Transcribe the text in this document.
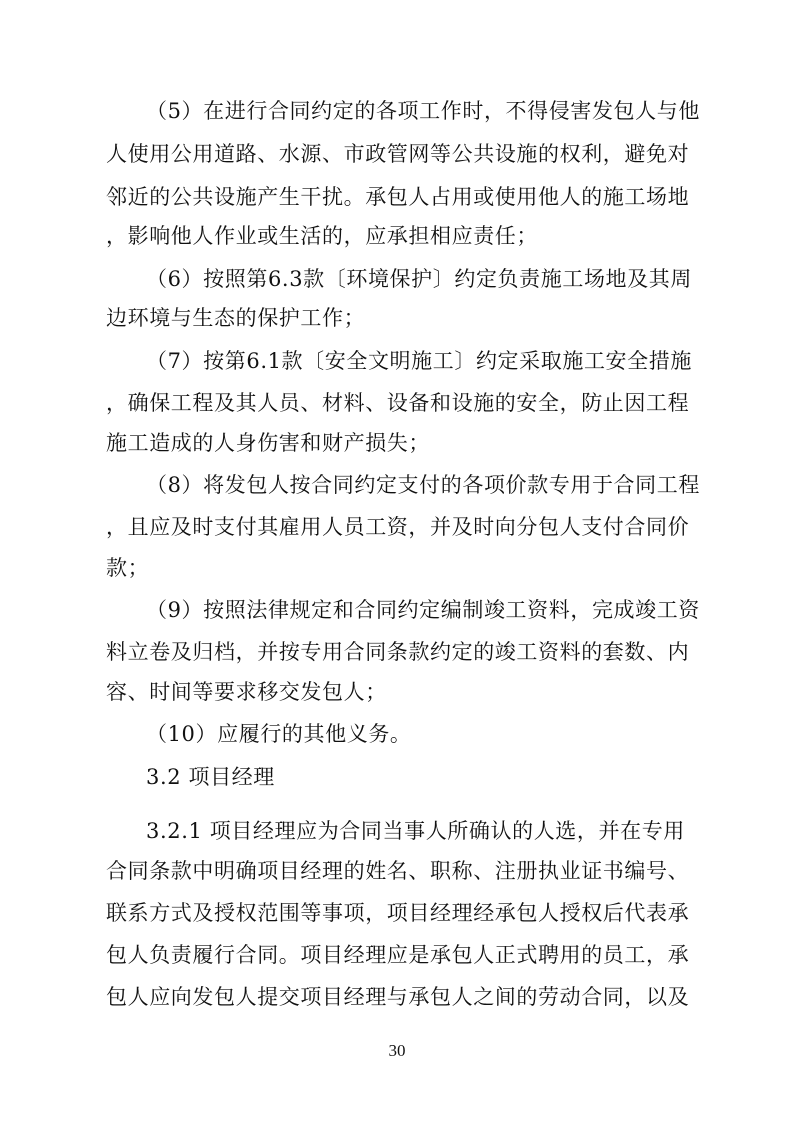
（5）在进行合同约定的各项工作时，不得侵害发包人与他
人使用公用道路、水源、市政管网等公共设施的权利，避免对
邻近的公共设施产生干扰。承包人占用或使用他人的施工场地
，影响他人作业或生活的，应承担相应责任；
（6）按照第6.3款〔环境保护〕约定负责施工场地及其周
边环境与生态的保护工作；
（7）按第6.1款〔安全文明施工〕约定采取施工安全措施
，确保工程及其人员、材料、设备和设施的安全，防止因工程
施工造成的人身伤害和财产损失；
（8）将发包人按合同约定支付的各项价款专用于合同工程
，且应及时支付其雇用人员工资，并及时向分包人支付合同价
款；
（9）按照法律规定和合同约定编制竣工资料，完成竣工资
料立卷及归档，并按专用合同条款约定的竣工资料的套数、内
容、时间等要求移交发包人；
（10）应履行的其他义务。
3.2 项目经理
3.2.1 项目经理应为合同当事人所确认的人选，并在专用
合同条款中明确项目经理的姓名、职称、注册执业证书编号、
联系方式及授权范围等事项，项目经理经承包人授权后代表承
包人负责履行合同。项目经理应是承包人正式聘用的员工，承
包人应向发包人提交项目经理与承包人之间的劳动合同，以及
30
